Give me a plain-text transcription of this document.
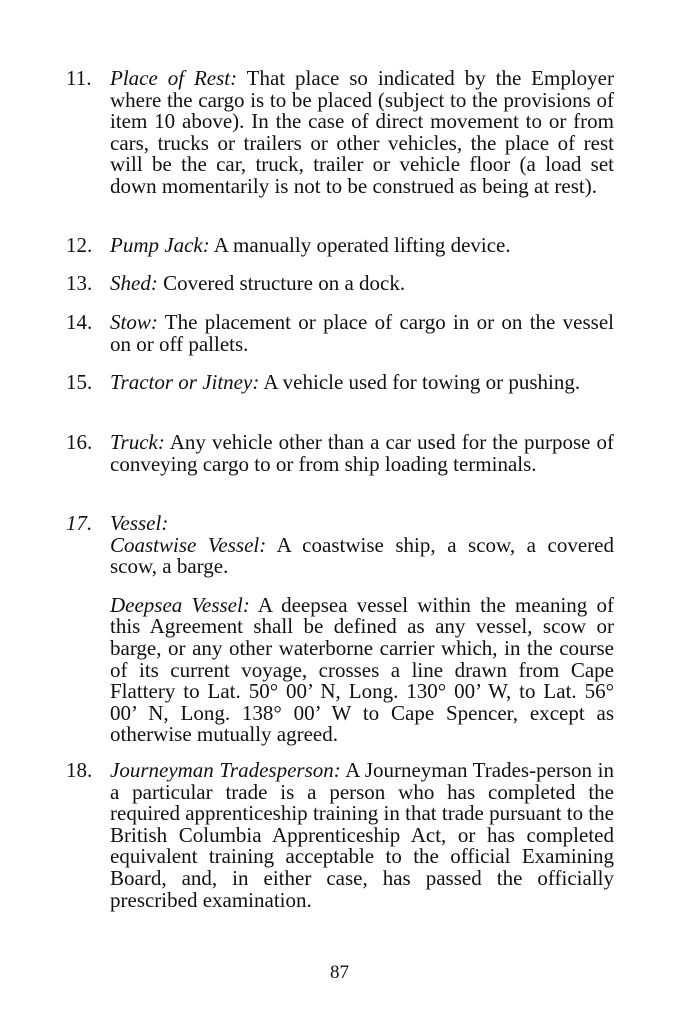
11. Place of Rest: That place so indicated by the Employer where the cargo is to be placed (subject to the provisions of item 10 above). In the case of direct movement to or from cars, trucks or trailers or other vehicles, the place of rest will be the car, truck, trailer or vehicle floor (a load set down momentarily is not to be construed as being at rest).
12. Pump Jack: A manually operated lifting device.
13. Shed: Covered structure on a dock.
14. Stow: The placement or place of cargo in or on the vessel on or off pallets.
15. Tractor or Jitney: A vehicle used for towing or pushing.
16. Truck: Any vehicle other than a car used for the purpose of conveying cargo to or from ship loading terminals.
17. Vessel:
Coastwise Vessel: A coastwise ship, a scow, a covered scow, a barge.
Deepsea Vessel: A deepsea vessel within the meaning of this Agreement shall be defined as any vessel, scow or barge, or any other waterborne carrier which, in the course of its current voyage, crosses a line drawn from Cape Flattery to Lat. 50° 00’ N, Long. 130° 00’ W, to Lat. 56° 00’ N, Long. 138° 00’ W to Cape Spencer, except as otherwise mutually agreed.
18. Journeyman Tradesperson: A Journeyman Trades-person in a particular trade is a person who has completed the required apprenticeship training in that trade pursuant to the British Columbia Apprenticeship Act, or has completed equivalent training acceptable to the official Examining Board, and, in either case, has passed the officially prescribed examination.
87
